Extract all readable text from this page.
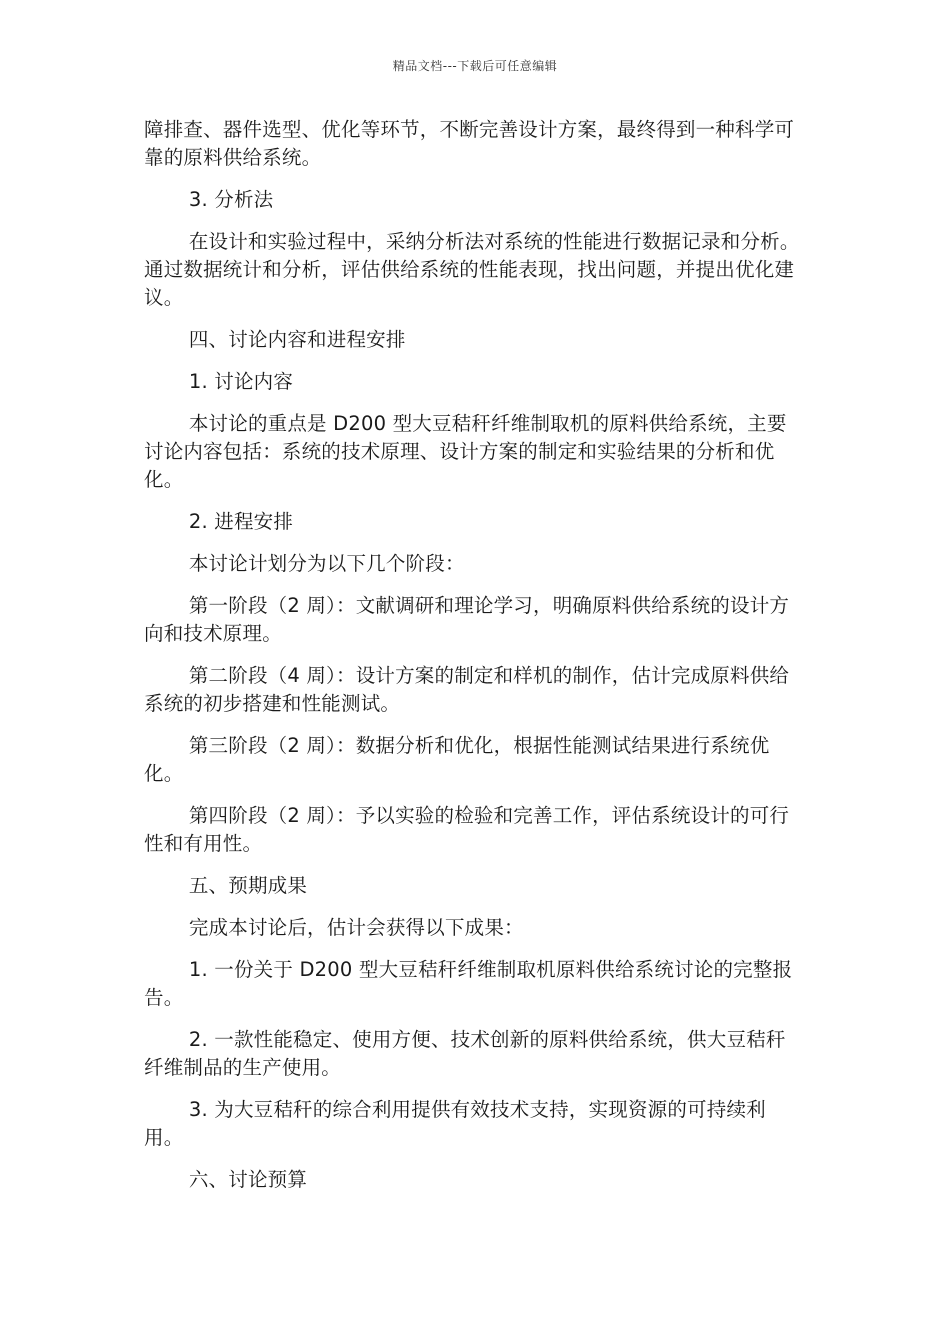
精品文档---下载后可任意编辑

障排查、器件选型、优化等环节，不断完善设计方案，最终得到一种科学可靠的原料供给系统。

3. 分析法

在设计和实验过程中，采纳分析法对系统的性能进行数据记录和分析。通过数据统计和分析，评估供给系统的性能表现，找出问题，并提出优化建议。

四、讨论内容和进程安排

1. 讨论内容

本讨论的重点是 D200 型大豆秸秆纤维制取机的原料供给系统，主要讨论内容包括：系统的技术原理、设计方案的制定和实验结果的分析和优化。

2. 进程安排

本讨论计划分为以下几个阶段：

第一阶段（2 周）：文献调研和理论学习，明确原料供给系统的设计方向和技术原理。

第二阶段（4 周）：设计方案的制定和样机的制作，估计完成原料供给系统的初步搭建和性能测试。

第三阶段（2 周）：数据分析和优化，根据性能测试结果进行系统优化。

第四阶段（2 周）：予以实验的检验和完善工作，评估系统设计的可行性和有用性。

五、预期成果

完成本讨论后，估计会获得以下成果：

1. 一份关于 D200 型大豆秸秆纤维制取机原料供给系统讨论的完整报告。

2. 一款性能稳定、使用方便、技术创新的原料供给系统，供大豆秸秆纤维制品的生产使用。

3. 为大豆秸秆的综合利用提供有效技术支持，实现资源的可持续利用。

六、讨论预算
